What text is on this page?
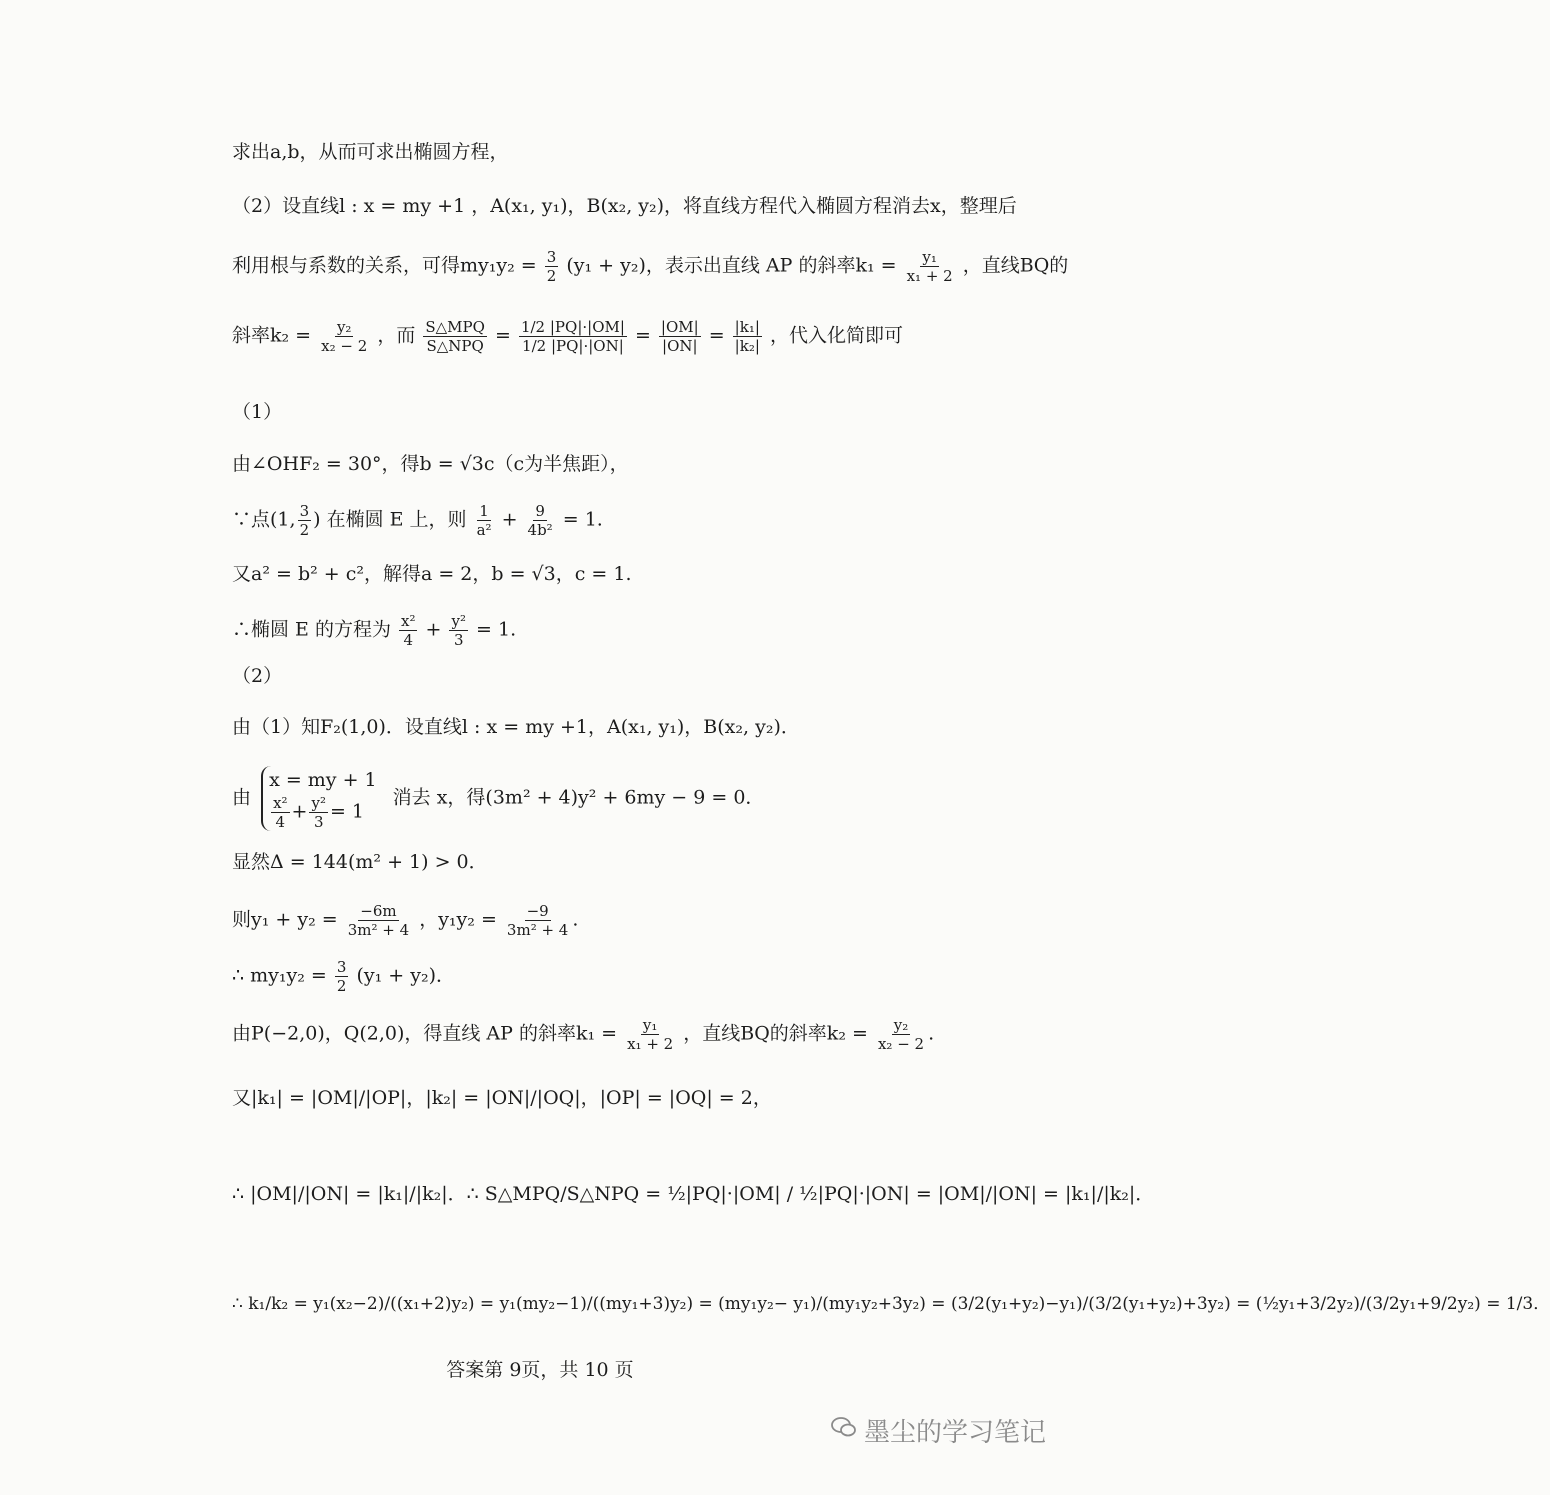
求出a,b，从而可求出椭圆方程，
（2）设直线l : x = my +1 ，A(x₁, y₁)，B(x₂, y₂)，将直线方程代入椭圆方程消去x，整理后
利用根与系数的关系，可得$my_1y_2 = \frac{3}{2} (y_1 + y_2)$，表示出直线 AP 的斜率$k_1 = \frac{\text{y₁}}{\text{x₁ + 2}}$ ，直线BQ的
斜率$k_2 = \frac{\text{y₂}}{\text{x₂ − 2}}$ ，而 $\frac{\text{S△MPQ}}{\text{S△NPQ}} = \frac{1/2 |PQ|\cdot|OM|}{1/2 |PQ|\cdot|ON|} = \frac{|OM|}{|ON|} = \frac{\text{|k₁|}}{\text{|k₂|}}$ ，代入化简即可
（1）
由∠OHF₂ = 30°，得b = √3c（c为半焦距），
∵点(1, $\frac{3}{2}$ ) 在椭圆 E 上，则 $\frac{1}{\text{a²}} + \frac{9}{\text{4b²}} = 1$.
又a² = b² + c²，解得a = 2，b = √3，c = 1.
∴椭圆 E 的方程为 $\frac{\text{x²}}{4} + \frac{\text{y²}}{3} = 1$.
（2）
由（1）知F₂(1,0)．设直线l : x = my +1，A(x₁, y₁)，B(x₂, y₂)．
由
x = my + 1
$\frac{\text{x²}}{4} + \frac{\text{y²}}{3} = 1$
消去 x，得(3m² + 4)y² + 6my − 9 = 0．
显然Δ = 144(m² + 1) > 0．
则$y_1 + y_2 = \frac{-6m}{\text{3m² + 4}}$ ，$y_1y_2 = \frac{-9}{\text{3m² + 4}}$ .
∴ $my_1y_2 = \frac{3}{2} (y_1 + y_2)$．
由P(−2,0)，Q(2,0)，得直线 AP 的斜率$k_1 = \frac{\text{y₁}}{\text{x₁ + 2}}$ ，直线BQ的斜率$k_2 = \frac{\text{y₂}}{\text{x₂ − 2}}$ .
又|k₁| = |OM|/|OP|，|k₂| = |ON|/|OQ|，|OP| = |OQ| = 2，
∴ |OM|/|ON| = |k₁|/|k₂|．∴ S△MPQ/S△NPQ = ½|PQ|·|OM| / ½|PQ|·|ON| = |OM|/|ON| = |k₁|/|k₂|．
∴ k₁/k₂ = y₁(x₂−2)/((x₁+2)y₂) = y₁(my₂−1)/((my₁+3)y₂) = (my₁y₂− y₁)/(my₁y₂+3y₂) = (3/2(y₁+y₂)−y₁)/(3/2(y₁+y₂)+3y₂) = (½y₁+3/2y₂)/(3/2y₁+9/2y₂) = 1/3．
答案第 9页，共 10 页
墨尘的学习笔记
